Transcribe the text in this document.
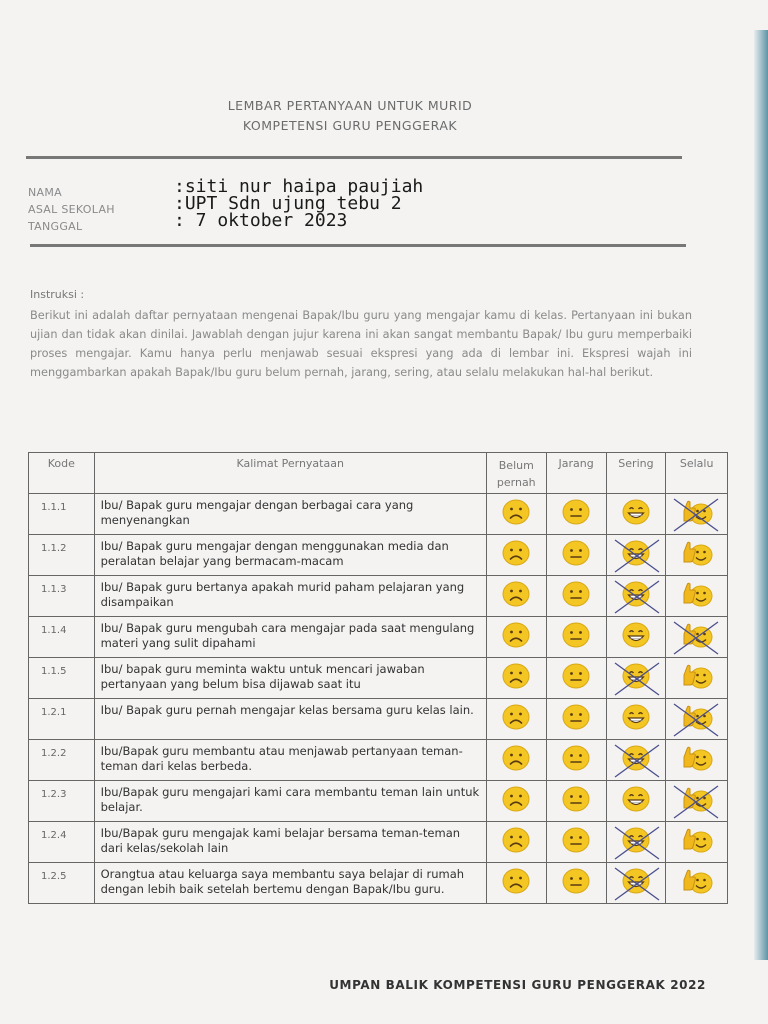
LEMBAR PERTANYAAN UNTUK MURID
KOMPETENSI GURU PENGGERAK
NAMA	:siti nur haipa paujiah
ASAL SEKOLAH	:UPT Sdn ujung tebu 2
TANGGAL	: 7 oktober 2023
Instruksi :
Berikut ini adalah daftar pernyataan mengenai Bapak/Ibu guru yang mengajar kamu di kelas. Pertanyaan ini bukan ujian dan tidak akan dinilai. Jawablah dengan jujur karena ini akan sangat membantu Bapak/ Ibu guru memperbaiki proses mengajar. Kamu hanya perlu menjawab sesuai ekspresi yang ada di lembar ini. Ekspresi wajah ini menggambarkan apakah Bapak/Ibu guru belum pernah, jarang, sering, atau selalu melakukan hal-hal berikut.
Kode	Kalimat Pernyataan	Belum pernah	Jarang	Sering	Selalu
1.1.1	Ibu/ Bapak guru mengajar dengan berbagai cara yang menyenangkan	

1.1.2	Ibu/ Bapak guru mengajar dengan menggunakan media dan peralatan belajar yang bermacam-macam	

1.1.3	Ibu/ Bapak guru bertanya apakah murid paham pelajaran yang disampaikan	

1.1.4	Ibu/ Bapak guru mengubah cara mengajar pada saat mengulang materi yang sulit dipahami	

1.1.5	Ibu/ bapak guru meminta waktu untuk mencari jawaban pertanyaan yang belum bisa dijawab saat itu	

1.2.1	Ibu/ Bapak guru pernah mengajar kelas bersama guru kelas lain.	

1.2.2	Ibu/Bapak guru membantu atau menjawab pertanyaan teman-teman dari kelas berbeda.	

1.2.3	Ibu/Bapak guru mengajari kami cara membantu teman lain untuk belajar.	

1.2.4	Ibu/Bapak guru mengajak kami belajar bersama teman-teman dari kelas/sekolah lain	

1.2.5	Orangtua atau keluarga saya membantu saya belajar di rumah dengan lebih baik setelah bertemu dengan Bapak/Ibu guru.	

UMPAN BALIK KOMPETENSI GURU PENGGERAK 2022
